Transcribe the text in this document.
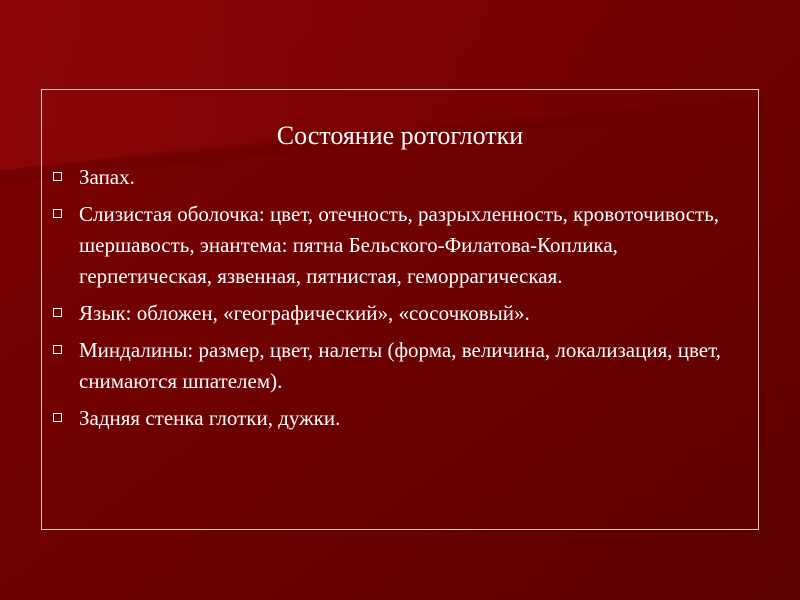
Состояние ротоглотки
Запах.
Слизистая оболочка: цвет, отечность, разрыхленность, кровоточивость, шершавость, энантема: пятна Бельского-Филатова-Коплика, герпетическая, язвенная, пятнистая, геморрагическая.
Язык: обложен, «географический», «сосочковый».
Миндалины: размер, цвет, налеты (форма, величина, локализация, цвет, снимаются шпателем).
Задняя стенка глотки, дужки.
